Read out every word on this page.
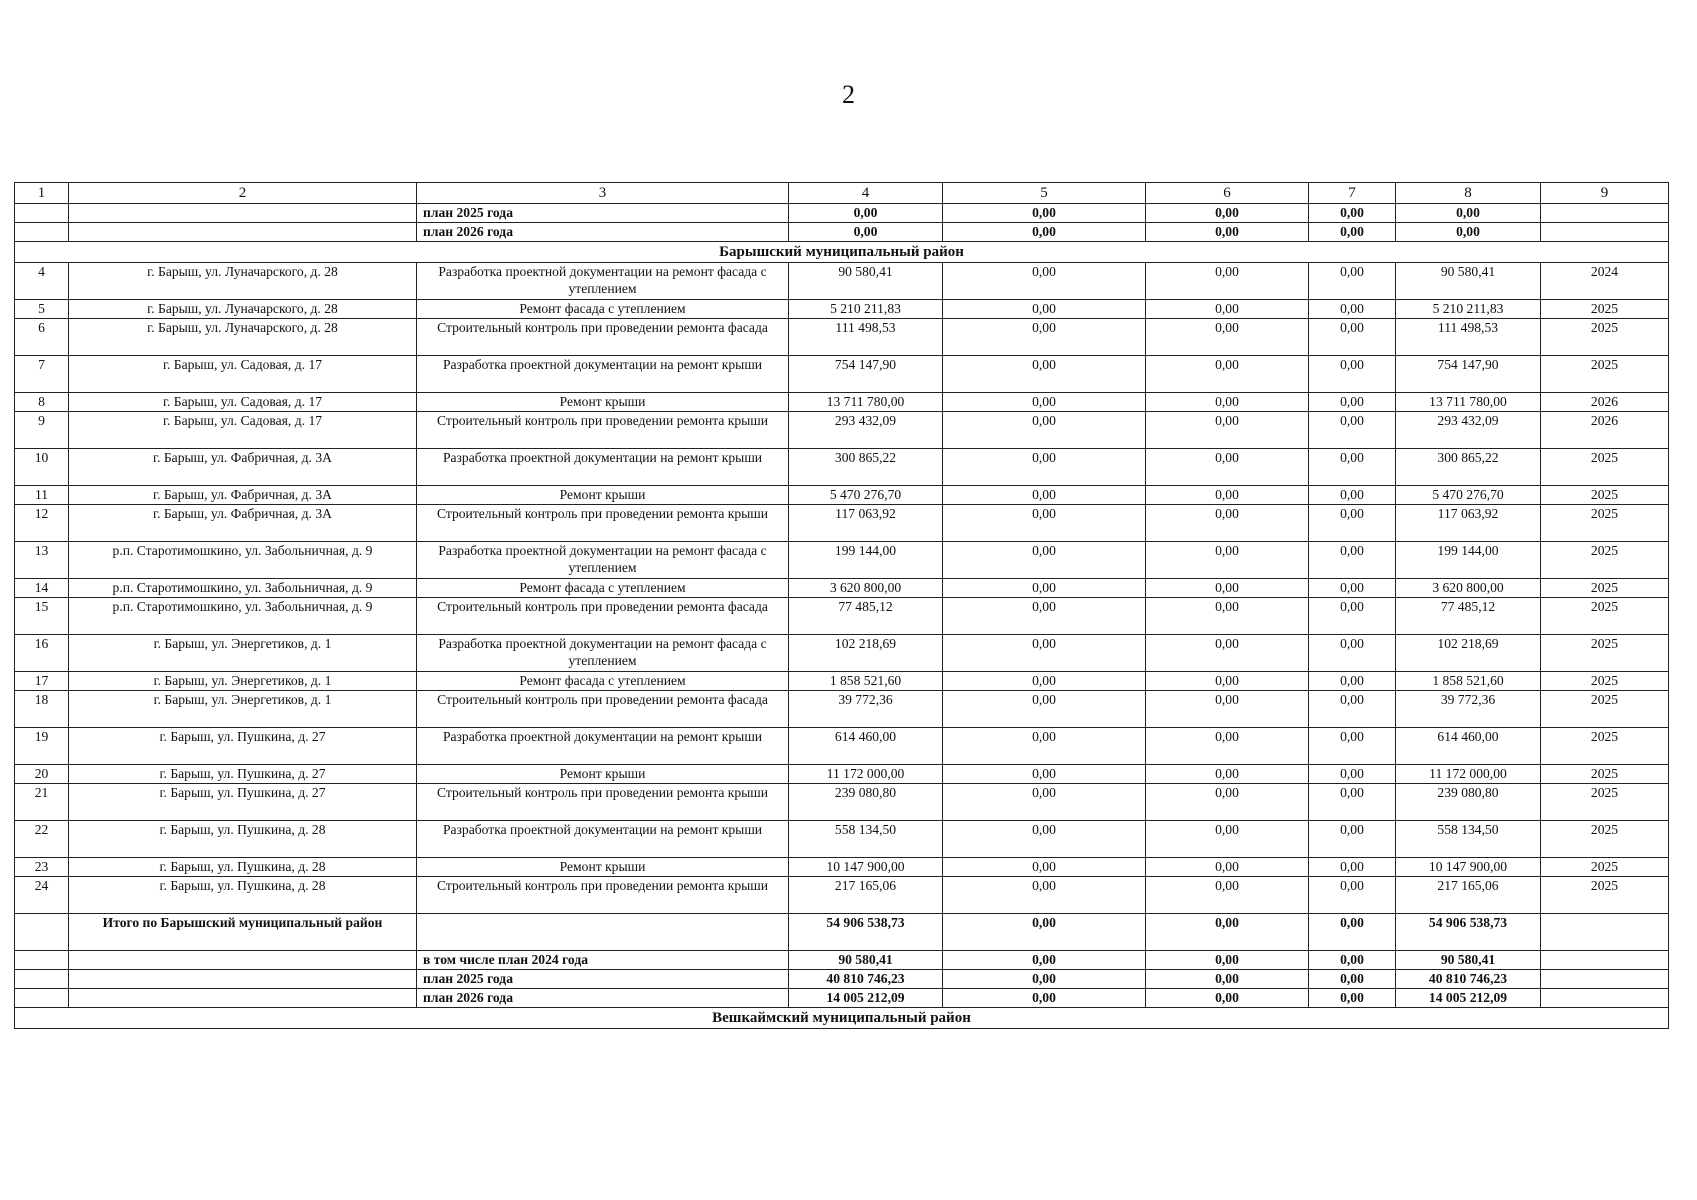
2
1	2	3	4	5	6	7	8	9
		план 2025 года	0,00	0,00	0,00	0,00	0,00	
		план 2026 года	0,00	0,00	0,00	0,00	0,00	
Барышский муниципальный район								
4	г. Барыш, ул. Луначарского, д. 28	Разработка проектной документации на ремонт фасада с утеплением	90 580,41	0,00	0,00	0,00	90 580,41	2024
5	г. Барыш, ул. Луначарского, д. 28	Ремонт фасада с утеплением	5 210 211,83	0,00	0,00	0,00	5 210 211,83	2025
6	г. Барыш, ул. Луначарского, д. 28	Строительный контроль при проведении ремонта фасада	111 498,53	0,00	0,00	0,00	111 498,53	2025
7	г. Барыш, ул. Садовая, д. 17	Разработка проектной документации на ремонт крыши	754 147,90	0,00	0,00	0,00	754 147,90	2025
8	г. Барыш, ул. Садовая, д. 17	Ремонт крыши	13 711 780,00	0,00	0,00	0,00	13 711 780,00	2026
9	г. Барыш, ул. Садовая, д. 17	Строительный контроль при проведении ремонта крыши	293 432,09	0,00	0,00	0,00	293 432,09	2026
10	г. Барыш, ул. Фабричная, д. 3А	Разработка проектной документации на ремонт крыши	300 865,22	0,00	0,00	0,00	300 865,22	2025
11	г. Барыш, ул. Фабричная, д. 3А	Ремонт крыши	5 470 276,70	0,00	0,00	0,00	5 470 276,70	2025
12	г. Барыш, ул. Фабричная, д. 3А	Строительный контроль при проведении ремонта крыши	117 063,92	0,00	0,00	0,00	117 063,92	2025
13	р.п. Старотимошкино, ул. Забольничная, д. 9	Разработка проектной документации на ремонт фасада с утеплением	199 144,00	0,00	0,00	0,00	199 144,00	2025
14	р.п. Старотимошкино, ул. Забольничная, д. 9	Ремонт фасада с утеплением	3 620 800,00	0,00	0,00	0,00	3 620 800,00	2025
15	р.п. Старотимошкино, ул. Забольничная, д. 9	Строительный контроль при проведении ремонта фасада	77 485,12	0,00	0,00	0,00	77 485,12	2025
16	г. Барыш, ул. Энергетиков, д. 1	Разработка проектной документации на ремонт фасада с утеплением	102 218,69	0,00	0,00	0,00	102 218,69	2025
17	г. Барыш, ул. Энергетиков, д. 1	Ремонт фасада с утеплением	1 858 521,60	0,00	0,00	0,00	1 858 521,60	2025
18	г. Барыш, ул. Энергетиков, д. 1	Строительный контроль при проведении ремонта фасада	39 772,36	0,00	0,00	0,00	39 772,36	2025
19	г. Барыш, ул. Пушкина, д. 27	Разработка проектной документации на ремонт крыши	614 460,00	0,00	0,00	0,00	614 460,00	2025
20	г. Барыш, ул. Пушкина, д. 27	Ремонт крыши	11 172 000,00	0,00	0,00	0,00	11 172 000,00	2025
21	г. Барыш, ул. Пушкина, д. 27	Строительный контроль при проведении ремонта крыши	239 080,80	0,00	0,00	0,00	239 080,80	2025
22	г. Барыш, ул. Пушкина, д. 28	Разработка проектной документации на ремонт крыши	558 134,50	0,00	0,00	0,00	558 134,50	2025
23	г. Барыш, ул. Пушкина, д. 28	Ремонт крыши	10 147 900,00	0,00	0,00	0,00	10 147 900,00	2025
24	г. Барыш, ул. Пушкина, д. 28	Строительный контроль при проведении ремонта крыши	217 165,06	0,00	0,00	0,00	217 165,06	2025
	Итого по Барышский муниципальный район		54 906 538,73	0,00	0,00	0,00	54 906 538,73	
		в том числе план 2024 года	90 580,41	0,00	0,00	0,00	90 580,41	
		план 2025 года	40 810 746,23	0,00	0,00	0,00	40 810 746,23	
		план 2026 года	14 005 212,09	0,00	0,00	0,00	14 005 212,09	
Вешкаймский муниципальный район								
